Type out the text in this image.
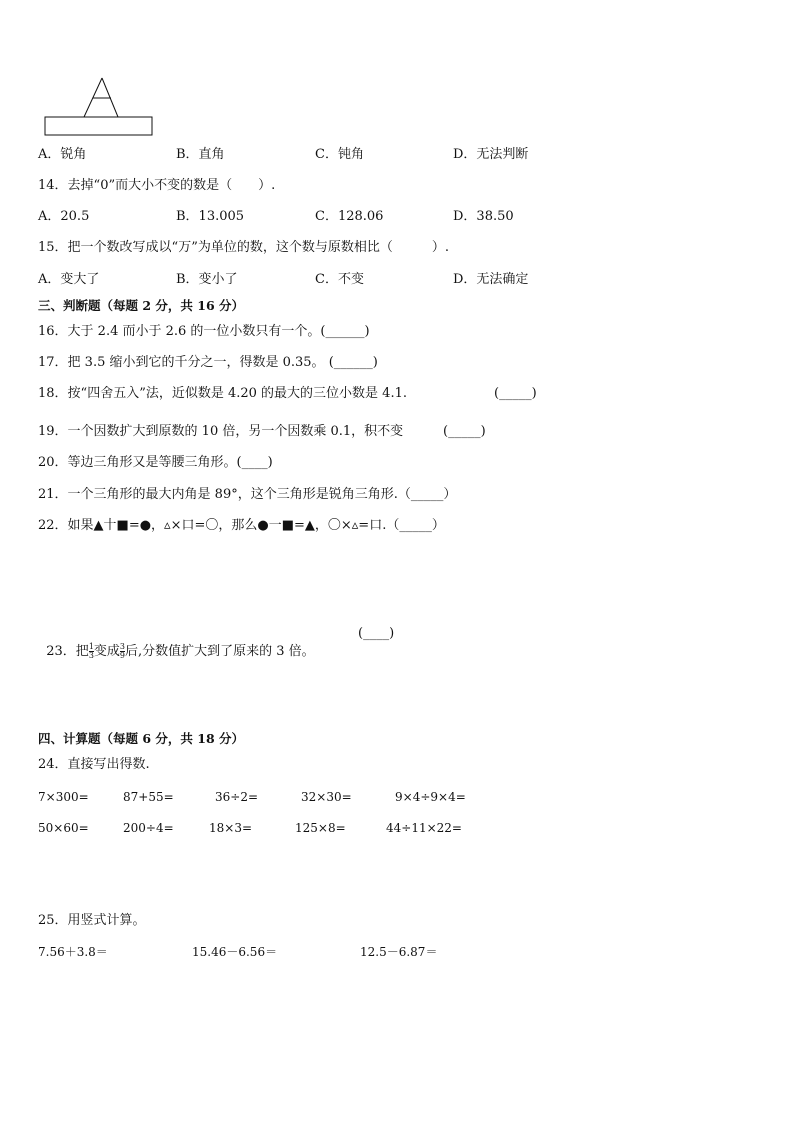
A．锐角	B．直角	C．钝角	D．无法判断
14．去掉“0”而大小不变的数是（　　）.
A．20.5	B．13.005	C．128.06	D．38.50
15．把一个数改写成以“万”为单位的数，这个数与原数相比（　　　）.
A．变大了	B．变小了	C．不变	D．无法确定
三、判断题（每题 2 分，共 16 分）
16．大于 2.4 而小于 2.6 的一位小数只有一个。(______)
17．把 3.5 缩小到它的千分之一，得数是 0.35。 (______)
18．按“四舍五入”法，近似数是 4.20 的最大的三位小数是 4.1.	(_____)
19．一个因数扩大到原数的 10 倍，另一个因数乘 0.1，积不变	(_____)
20．等边三角形又是等腰三角形。(____)
21．一个三角形的最大内角是 89°，这个三角形是锐角三角形.（_____）
22．如果▲十■=●，▵×口=〇，那么●一■=▲，〇×▵=口.（_____）

23．把 $\frac{1}{3}$ 变成 $\frac{3}{9}$ 后,分数值扩大到了原来的 3 倍。

(____)
四、计算题（每题 6 分，共 18 分）
24．直接写出得数.
7×300=	87+55=	36÷2=	32×30=	9×4÷9×4=
50×60=	200÷4=	18×3=	125×8=	44÷11×22=
25．用竖式计算。
7.56＋3.8＝	15.46－6.56＝	12.5－6.87＝
